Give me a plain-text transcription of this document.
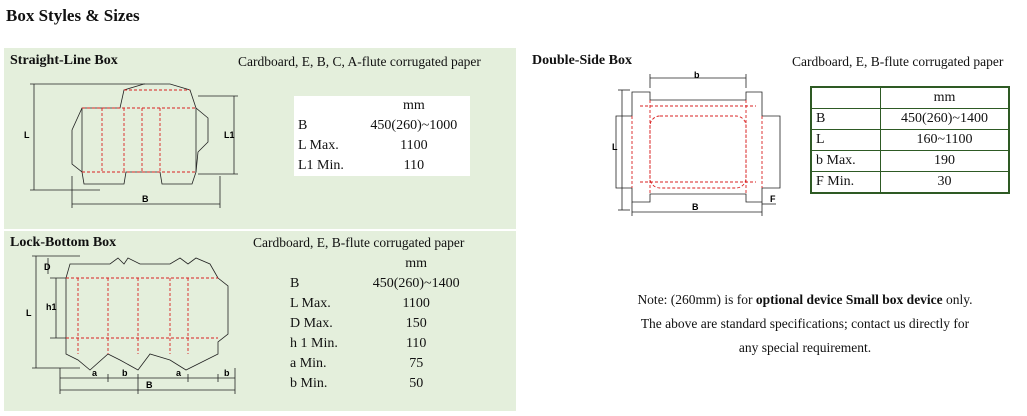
Box Styles & Sizes
Straight-Line Box	Cardboard, E, B, C, A-flute corrugated paper
L	L1
B
	mm
B	450(260)~1000
L Max.	1100
L1 Min.	110
Lock-Bottom Box	Cardboard, E, B-flute corrugated paper
D
h1
L
a	b	a	b
B
	mm
B	450(260)~1400
L Max.	1100
D Max.	150
h 1 Min.	110
a Min.	75
b Min.	50
Double-Side Box	Cardboard, E, B-flute corrugated paper
b
L
B
F
	mm
B	450(260)~1400
L	160~1100
b Max.	190
F Min.	30
Note: (260mm) is for optional device Small box device only.
The above are standard specifications; contact us directly for
any special requirement.
